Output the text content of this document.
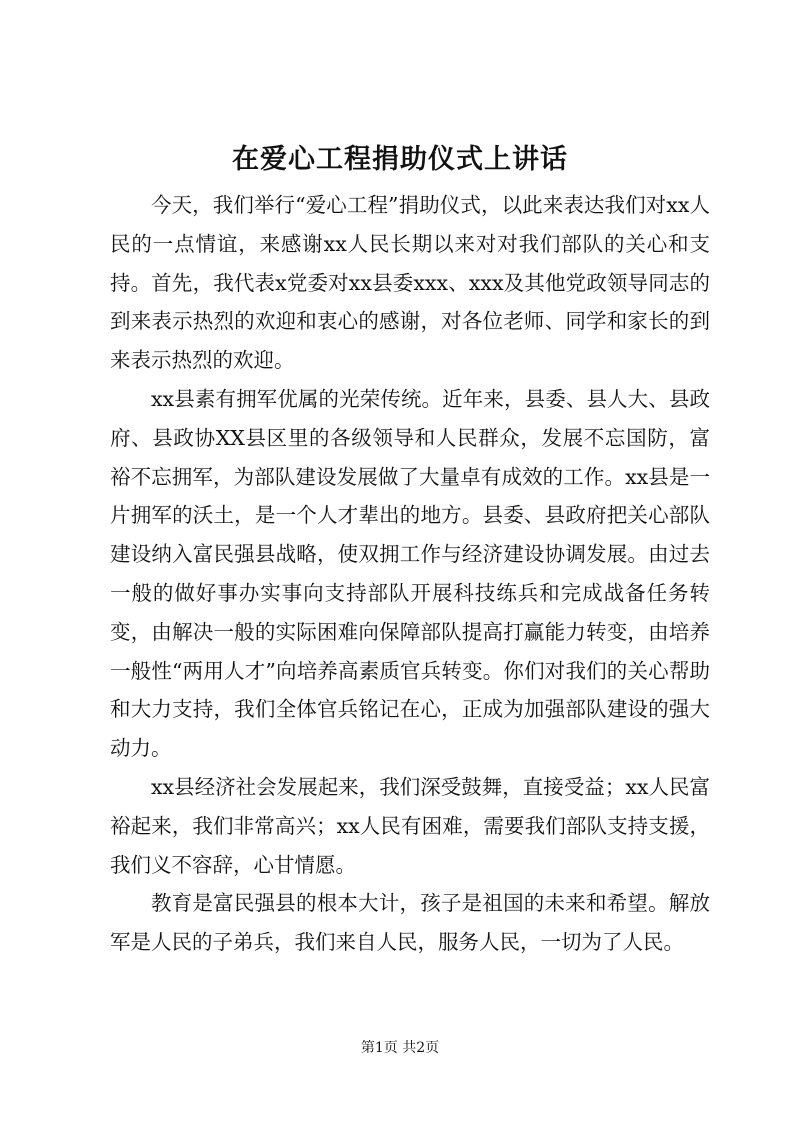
在爱心工程捐助仪式上讲话

今天，我们举行“爱心工程”捐助仪式，以此来表达我们对xx人民的一点情谊，来感谢xx人民长期以来对对我们部队的关心和支持。首先，我代表x党委对xx县委xxx、xxx及其他党政领导同志的到来表示热烈的欢迎和衷心的感谢，对各位老师、同学和家长的到来表示热烈的欢迎。

xx县素有拥军优属的光荣传统。近年来，县委、县人大、县政府、县政协XX县区里的各级领导和人民群众，发展不忘国防，富裕不忘拥军，为部队建设发展做了大量卓有成效的工作。xx县是一片拥军的沃土，是一个人才辈出的地方。县委、县政府把关心部队建设纳入富民强县战略，使双拥工作与经济建设协调发展。由过去一般的做好事办实事向支持部队开展科技练兵和完成战备任务转变，由解决一般的实际困难向保障部队提高打赢能力转变，由培养一般性“两用人才”向培养高素质官兵转变。你们对我们的关心帮助和大力支持，我们全体官兵铭记在心，正成为加强部队建设的强大动力。

xx县经济社会发展起来，我们深受鼓舞，直接受益；xx人民富裕起来，我们非常高兴；xx人民有困难，需要我们部队支持支援，我们义不容辞，心甘情愿。

教育是富民强县的根本大计，孩子是祖国的未来和希望。解放军是人民的子弟兵，我们来自人民，服务人民，一切为了人民。

第1页 共2页
